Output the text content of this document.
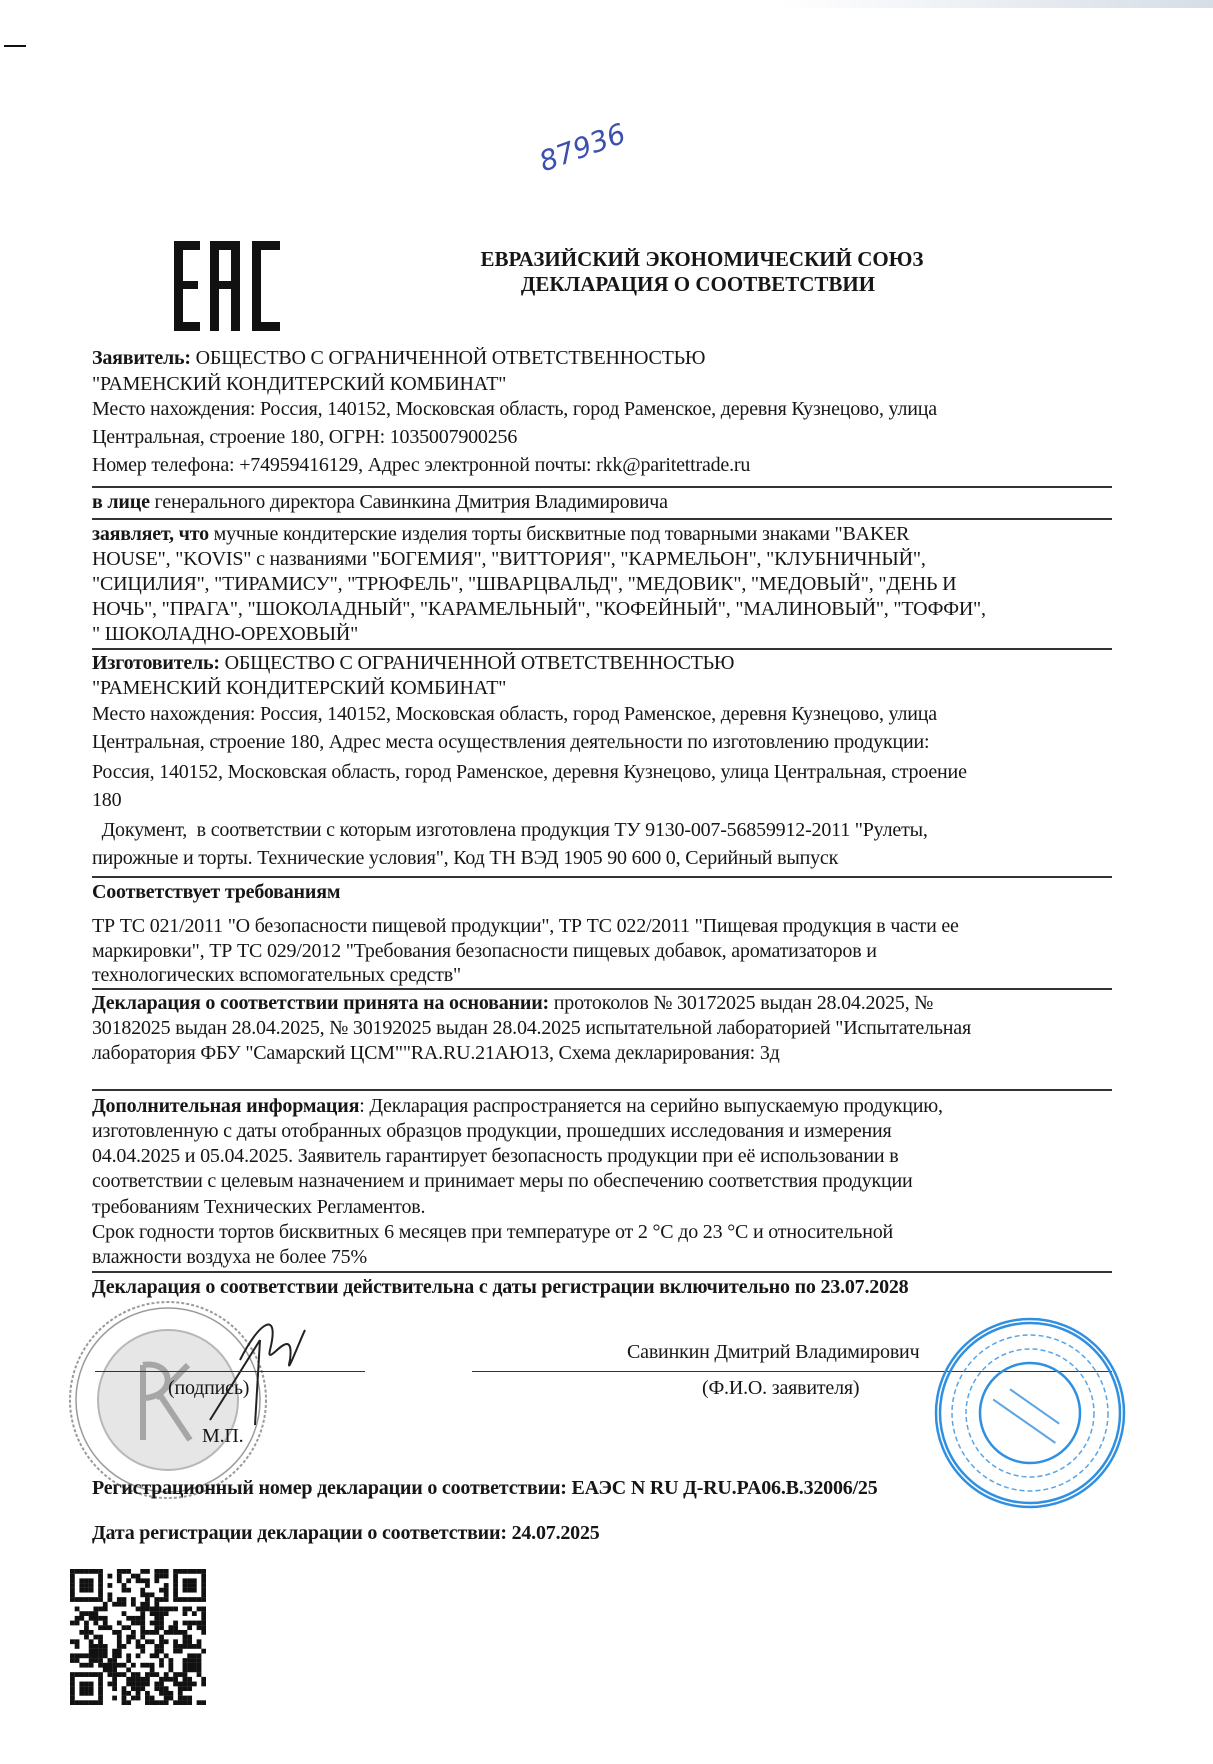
87936
ЕВРАЗИЙСКИЙ ЭКОНОМИЧЕСКИЙ СОЮЗ
ДЕКЛАРАЦИЯ О СООТВЕТСТВИИ
Заявитель: ОБЩЕСТВО С ОГРАНИЧЕННОЙ ОТВЕТСТВЕННОСТЬЮ
"РАМЕНСКИЙ КОНДИТЕРСКИЙ КОМБИНАТ"
Место нахождения: Россия, 140152, Московская область, город Раменское, деревня Кузнецово, улица
Центральная, строение 180, ОГРН: 1035007900256
Номер телефона: +74959416129, Адрес электронной почты: rkk@paritettrade.ru
в лице генерального директора Савинкина Дмитрия Владимировича
заявляет, что мучные кондитерские изделия торты бисквитные под товарными знаками "BAKER
HOUSE", "KOVIS" с названиями "БОГЕМИЯ", "ВИТТОРИЯ", "КАРМЕЛЬОН", "КЛУБНИЧНЫЙ",
"СИЦИЛИЯ", "ТИРАМИСУ", "ТРЮФЕЛЬ", "ШВАРЦВАЛЬД", "МЕДОВИК", "МЕДОВЫЙ", "ДЕНЬ И
НОЧЬ", "ПРАГА", "ШОКОЛАДНЫЙ", "КАРАМЕЛЬНЫЙ", "КОФЕЙНЫЙ", "МАЛИНОВЫЙ", "ТОФФИ",
" ШОКОЛАДНО-ОРЕХОВЫЙ"
Изготовитель: ОБЩЕСТВО С ОГРАНИЧЕННОЙ ОТВЕТСТВЕННОСТЬЮ
"РАМЕНСКИЙ КОНДИТЕРСКИЙ КОМБИНАТ"
Место нахождения: Россия, 140152, Московская область, город Раменское, деревня Кузнецово, улица
Центральная, строение 180, Адрес места осуществления деятельности по изготовлению продукции:
Россия, 140152, Московская область, город Раменское, деревня Кузнецово, улица Центральная, строение
180
Документ,  в соответствии с которым изготовлена продукция ТУ 9130-007-56859912-2011 "Рулеты,
пирожные и торты. Технические условия", Код ТН ВЭД 1905 90 600 0, Серийный выпуск
Соответствует требованиям
ТР ТС 021/2011 "О безопасности пищевой продукции", ТР ТС 022/2011 "Пищевая продукция в части ее
маркировки", ТР ТС 029/2012 "Требования безопасности пищевых добавок, ароматизаторов и
технологических вспомогательных средств"
Декларация о соответствии принята на основании: протоколов № 30172025 выдан 28.04.2025, №
30182025 выдан 28.04.2025, № 30192025 выдан 28.04.2025 испытательной лабораторией "Испытательная
лаборатория ФБУ "Самарский ЦСМ""RA.RU.21АЮ13, Схема декларирования: 3д
Дополнительная информация: Декларация распространяется на серийно выпускаемую продукцию,
изготовленную с даты отобранных образцов продукции, прошедших исследования и измерения
04.04.2025 и 05.04.2025. Заявитель гарантирует безопасность продукции при её использовании в
соответствии с целевым назначением и принимает меры по обеспечению соответствия продукции
требованиям Технических Регламентов.
Срок годности тортов бисквитных 6 месяцев при температуре от 2 °С до 23 °С и относительной
влажности воздуха не более 75%
Декларация о соответствии действительна с даты регистрации включительно по 23.07.2028
Савинкин Дмитрий Владимирович
(подпись)	(Ф.И.О. заявителя)
М.П.
Регистрационный номер декларации о соответствии: ЕАЭС N RU Д-RU.PA06.B.32006/25
Дата регистрации декларации о соответствии: 24.07.2025
